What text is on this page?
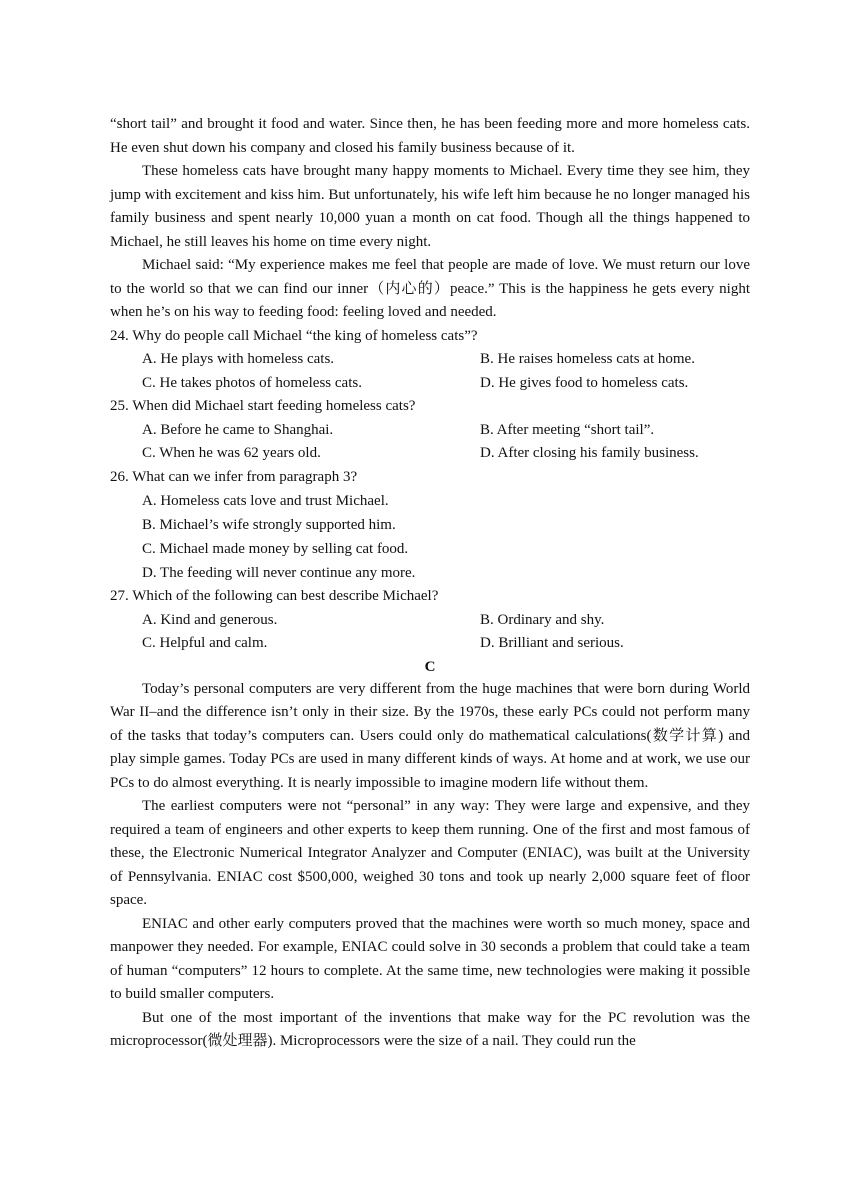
“short tail” and brought it food and water. Since then, he has been feeding more and more homeless cats. He even shut down his company and closed his family business because of it.

These homeless cats have brought many happy moments to Michael. Every time they see him, they jump with excitement and kiss him. But unfortunately, his wife left him because he no longer managed his family business and spent nearly 10,000 yuan a month on cat food. Though all the things happened to Michael, he still leaves his home on time every night.

Michael said: “My experience makes me feel that people are made of love. We must return our love to the world so that we can find our inner（内心的）peace.” This is the happiness he gets every night when he’s on his way to feeding food: feeling loved and needed.

24. Why do people call Michael “the king of homeless cats”?

A. He plays with homeless cats.	B. He raises homeless cats at home.
C. He takes photos of homeless cats.	D. He gives food to homeless cats.

25. When did Michael start feeding homeless cats?

A. Before he came to Shanghai.	B. After meeting “short tail”.
C. When he was 62 years old.	D. After closing his family business.

26. What can we infer from paragraph 3?

A. Homeless cats love and trust Michael.
B. Michael’s wife strongly supported him.
C. Michael made money by selling cat food.
D. The feeding will never continue any more.

27. Which of the following can best describe Michael?

A. Kind and generous.	B. Ordinary and shy.
C. Helpful and calm.	D. Brilliant and serious.

C

Today’s personal computers are very different from the huge machines that were born during World War II–and the difference isn’t only in their size. By the 1970s, these early PCs could not perform many of the tasks that today’s computers can. Users could only do mathematical calculations(数学计算) and play simple games. Today PCs are used in many different kinds of ways. At home and at work, we use our PCs to do almost everything. It is nearly impossible to imagine modern life without them.

The earliest computers were not “personal” in any way: They were large and expensive, and they required a team of engineers and other experts to keep them running. One of the first and most famous of these, the Electronic Numerical Integrator Analyzer and Computer (ENIAC), was built at the University of Pennsylvania. ENIAC cost $500,000, weighed 30 tons and took up nearly 2,000 square feet of floor space.

ENIAC and other early computers proved that the machines were worth so much money, space and manpower they needed. For example, ENIAC could solve in 30 seconds a problem that could take a team of human “computers” 12 hours to complete. At the same time, new technologies were making it possible to build smaller computers.

But one of the most important of the inventions that make way for the PC revolution was the microprocessor(微处理器). Microprocessors were the size of a nail. They could run the
